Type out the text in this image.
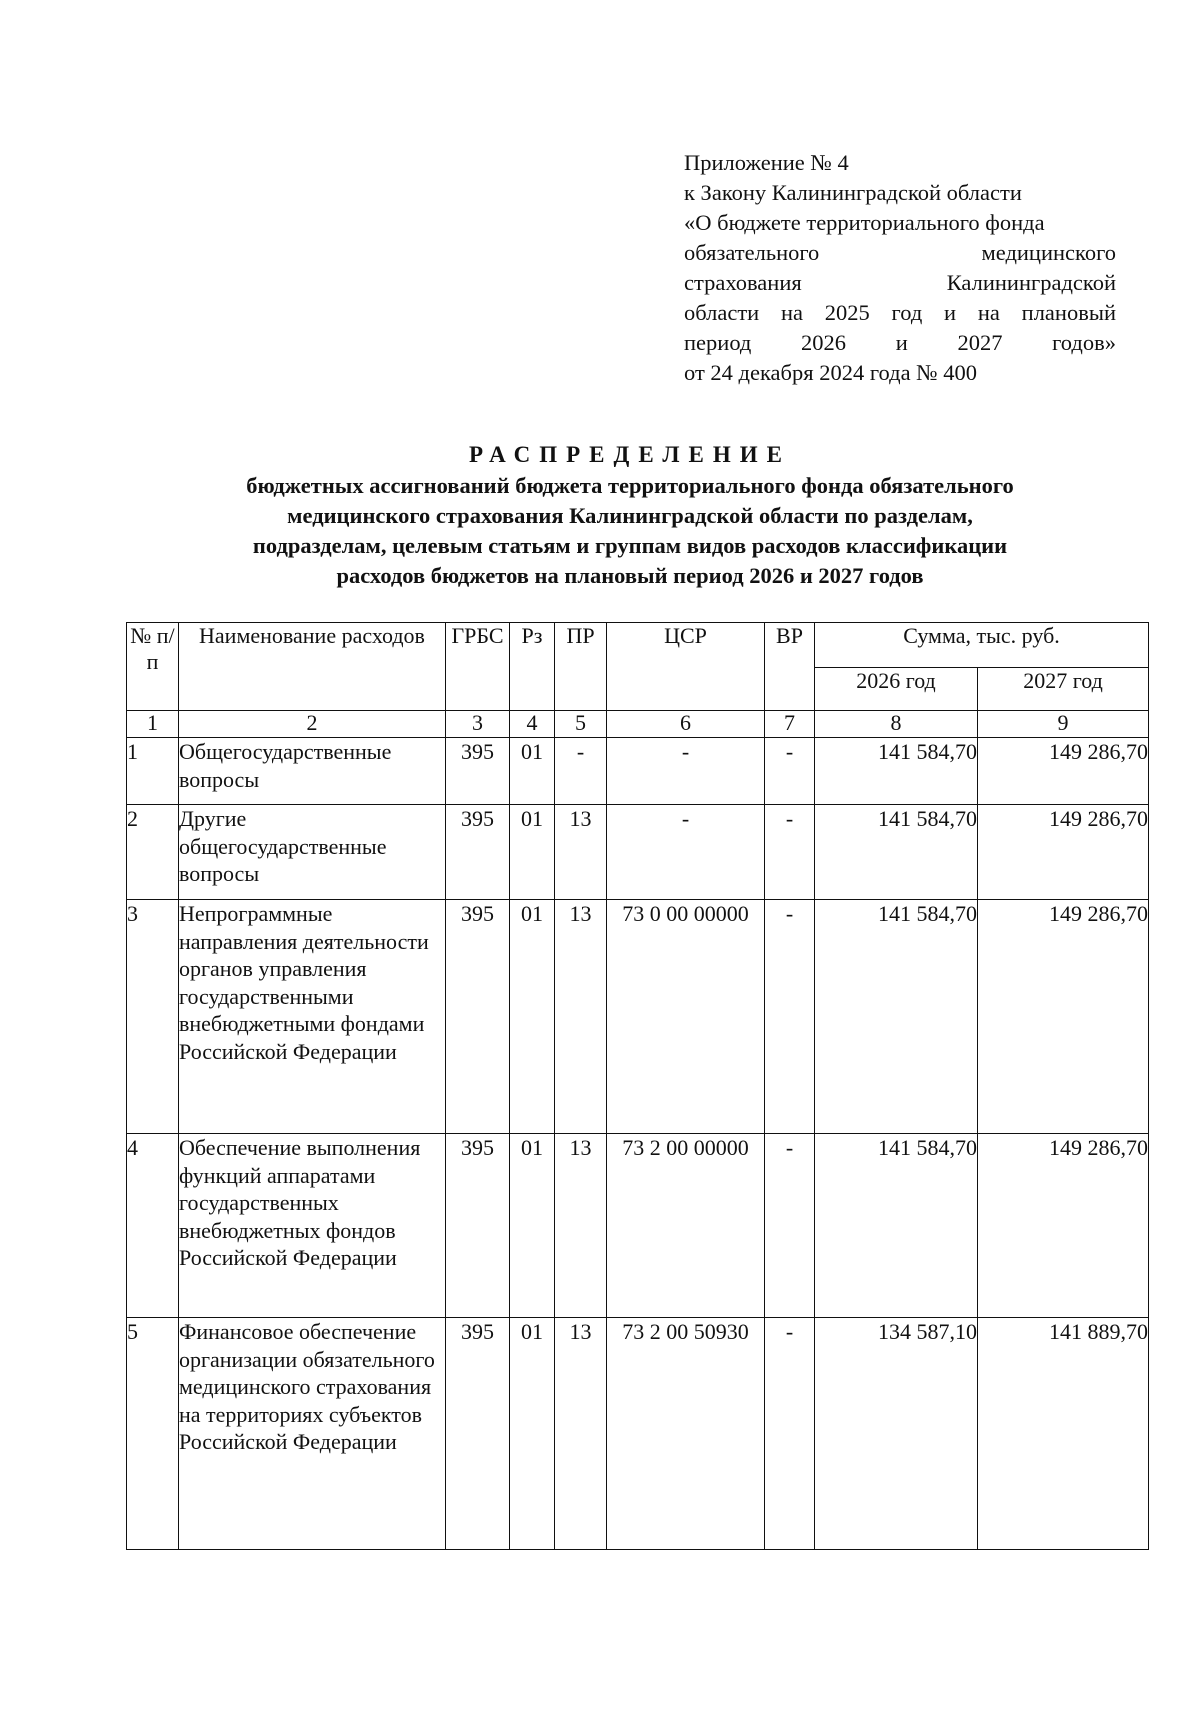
Приложение № 4
к Закону Калининградской области
«О бюджете территориального фонда
обязательного медицинского
страхования Калининградской
области на 2025 год и на плановый
период 2026 и 2027 годов»
от 24 декабря 2024 года № 400
РАСПРЕДЕЛЕНИЕ
бюджетных ассигнований бюджета территориального фонда обязательного
медицинского страхования Калининградской области по разделам,
подразделам, целевым статьям и группам видов расходов классификации
расходов бюджетов на плановый период 2026 и 2027 годов
№ п/п	Наименование расходов	ГРБС	Рз	ПР	ЦСР	ВР	Сумма, тыс. руб.	
							2026 год	2027 год
1	2	3	4	5	6	7	8	9
1	Общегосударственные вопросы	395	01	-	-	-	141 584,70	149 286,70
2	Другие общегосударственные вопросы	395	01	13	-	-	141 584,70	149 286,70
3	Непрограммные направления деятельности органов управления государственными внебюджетными фондами Российской Федерации	395	01	13	73 0 00 00000	-	141 584,70	149 286,70
4	Обеспечение выполнения функций аппаратами государственных внебюджетных фондов Российской Федерации	395	01	13	73 2 00 00000	-	141 584,70	149 286,70
5	Финансовое обеспечение организации обязательного медицинского страхования на территориях субъектов Российской Федерации	395	01	13	73 2 00 50930	-	134 587,10	141 889,70
